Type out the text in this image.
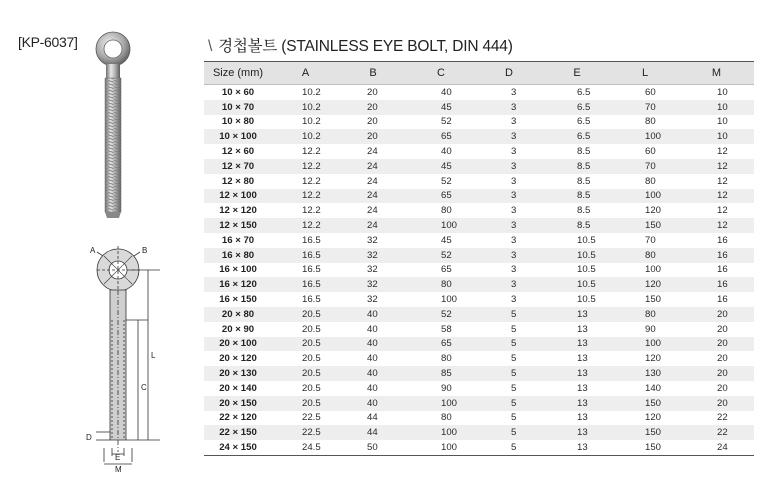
[KP-6037]	\ 경첩볼트 (STAINLESS EYE BOLT, DIN 444)
A	B
L
C
D
E
M
Size (mm)	A	B	C	D	E	L	M
10 × 60	10.2	20	40	3	6.5	60	10
10 × 70	10.2	20	45	3	6.5	70	10
10 × 80	10.2	20	52	3	6.5	80	10
10 × 100	10.2	20	65	3	6.5	100	10
12 × 60	12.2	24	40	3	8.5	60	12
12 × 70	12.2	24	45	3	8.5	70	12
12 × 80	12.2	24	52	3	8.5	80	12
12 × 100	12.2	24	65	3	8.5	100	12
12 × 120	12.2	24	80	3	8.5	120	12
12 × 150	12.2	24	100	3	8.5	150	12
16 × 70	16.5	32	45	3	10.5	70	16
16 × 80	16.5	32	52	3	10.5	80	16
16 × 100	16.5	32	65	3	10.5	100	16
16 × 120	16.5	32	80	3	10.5	120	16
16 × 150	16.5	32	100	3	10.5	150	16
20 × 80	20.5	40	52	5	13	80	20
20 × 90	20.5	40	58	5	13	90	20
20 × 100	20.5	40	65	5	13	100	20
20 × 120	20.5	40	80	5	13	120	20
20 × 130	20.5	40	85	5	13	130	20
20 × 140	20.5	40	90	5	13	140	20
20 × 150	20.5	40	100	5	13	150	20
22 × 120	22.5	44	80	5	13	120	22
22 × 150	22.5	44	100	5	13	150	22
24 × 150	24.5	50	100	5	13	150	24
